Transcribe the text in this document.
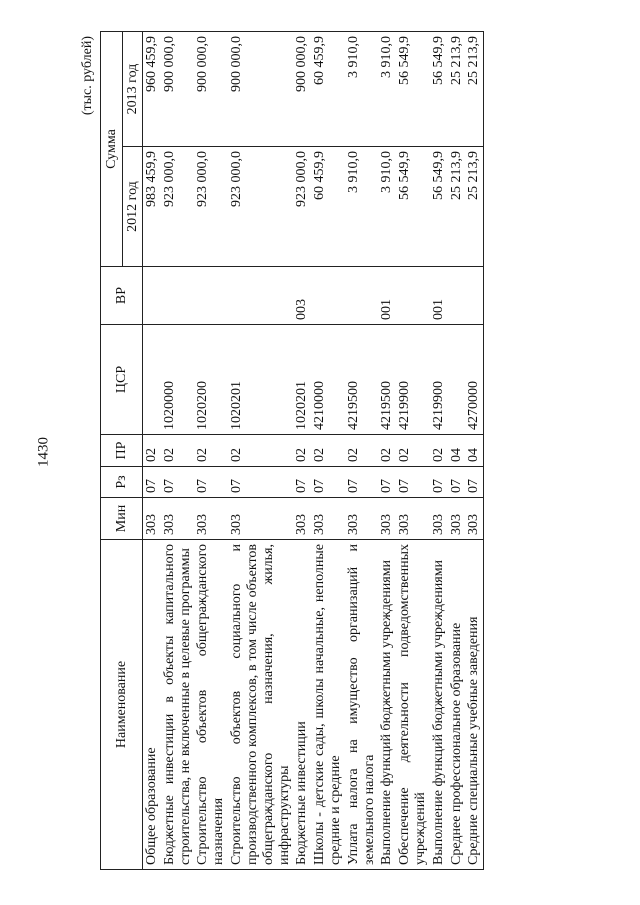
1430
(тыс. рублей)
Наименование	Мин	Рз	ПР	ЦСР	ВР	Сумма	
						2012 год	2013 год
Общее образование	303	07	02			983 459,9	960 459,9
Бюджетные инвестиции в объекты капитального строительства, не включенные в целевые программы	303	07	02	1020000		923 000,0	900 000,0
Строительство объектов общегражданского назначения	303	07	02	1020200		923 000,0	900 000,0
Строительство объектов социального и производственного комплексов, в том числе объектов общегражданского назначения, жилья, инфраструктуры	303	07	02	1020201		923 000,0	900 000,0
Бюджетные инвестиции	303	07	02	1020201	003	923 000,0	900 000,0
Школы - детские сады, школы начальные, неполные средние и средние	303	07	02	4210000		60 459,9	60 459,9
Уплата налога на имущество организаций и земельного налога	303	07	02	4219500		3 910,0	3 910,0
Выполнение функций бюджетными учреждениями	303	07	02	4219500	001	3 910,0	3 910,0
Обеспечение деятельности подведомственных учреждений	303	07	02	4219900		56 549,9	56 549,9
Выполнение функций бюджетными учреждениями	303	07	02	4219900	001	56 549,9	56 549,9
Среднее профессиональное образование	303	07	04			25 213,9	25 213,9
Средние специальные учебные заведения	303	07	04	4270000		25 213,9	25 213,9
